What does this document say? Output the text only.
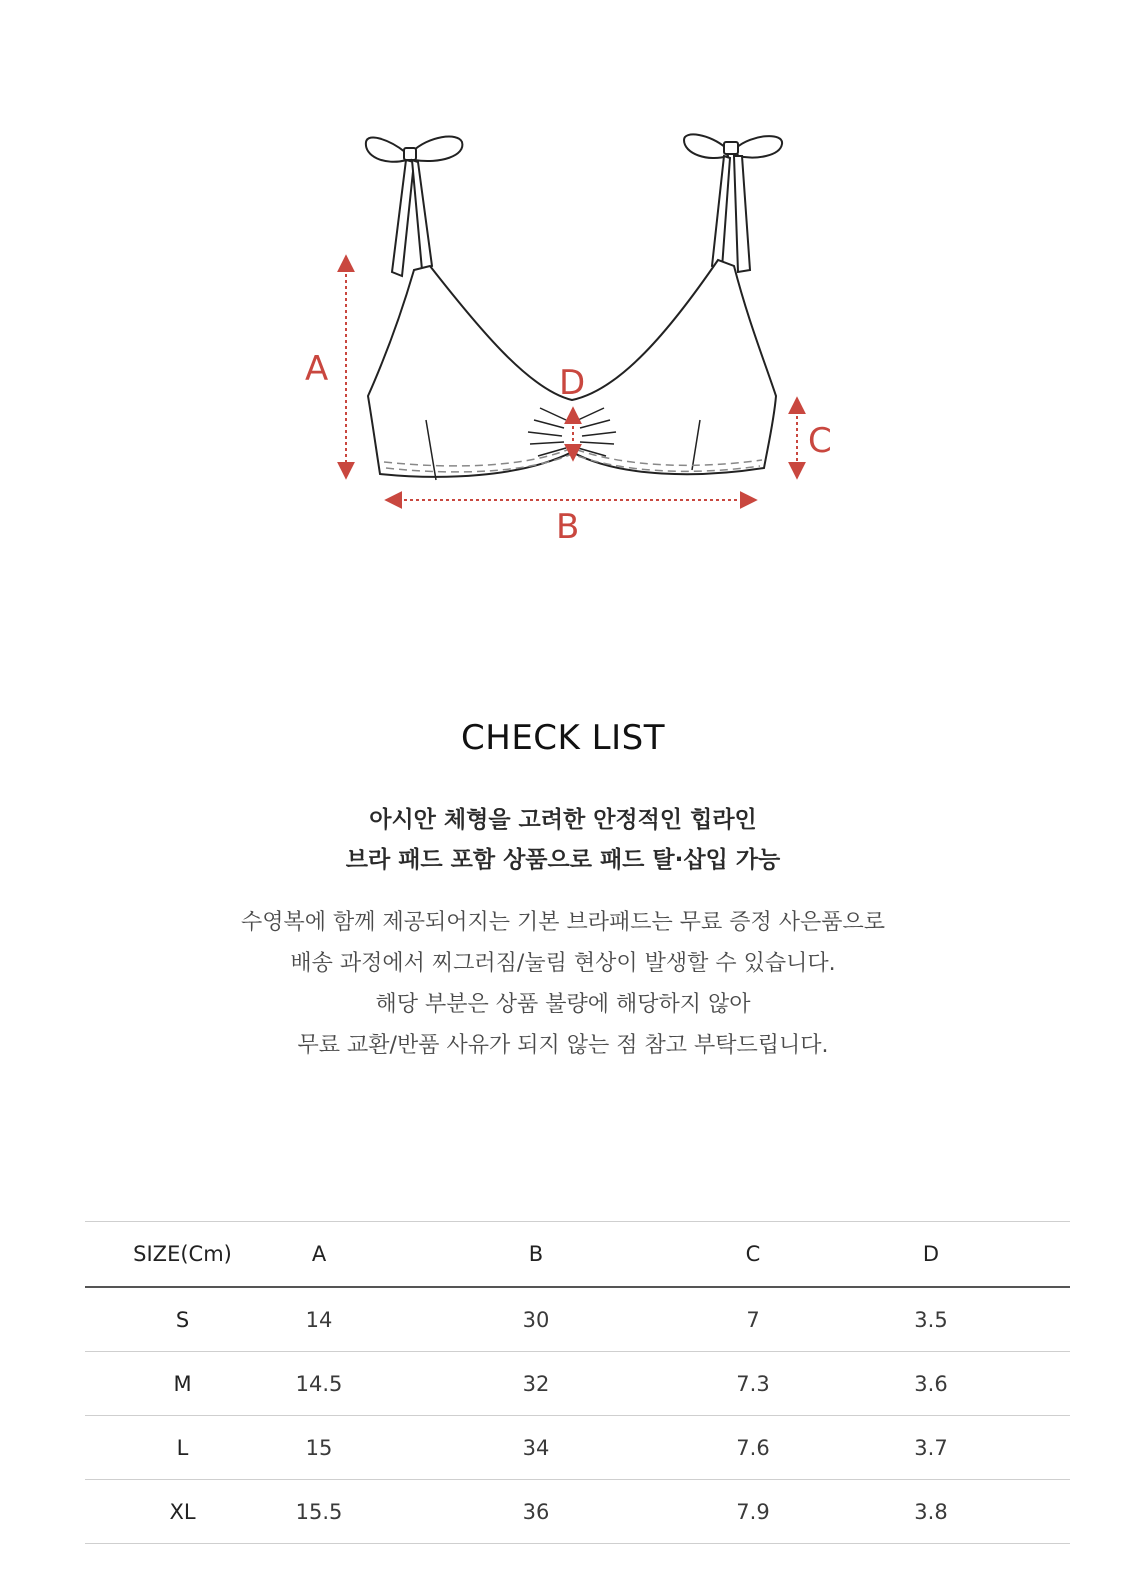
A
B
C
D
CHECK LIST
아시안 체형을 고려한 안정적인 힙라인
브라 패드 포함 상품으로 패드 탈·삽입 가능
수영복에 함께 제공되어지는 기본 브라패드는 무료 증정 사은품으로
배송 과정에서 찌그러짐/눌림 현상이 발생할 수 있습니다.
해당 부분은 상품 불량에 해당하지 않아
무료 교환/반품 사유가 되지 않는 점 참고 부탁드립니다.
SIZE(Cm)	A	B	C	D
S	14	30	7	3.5
M	14.5	32	7.3	3.6
L	15	34	7.6	3.7
XL	15.5	36	7.9	3.8
